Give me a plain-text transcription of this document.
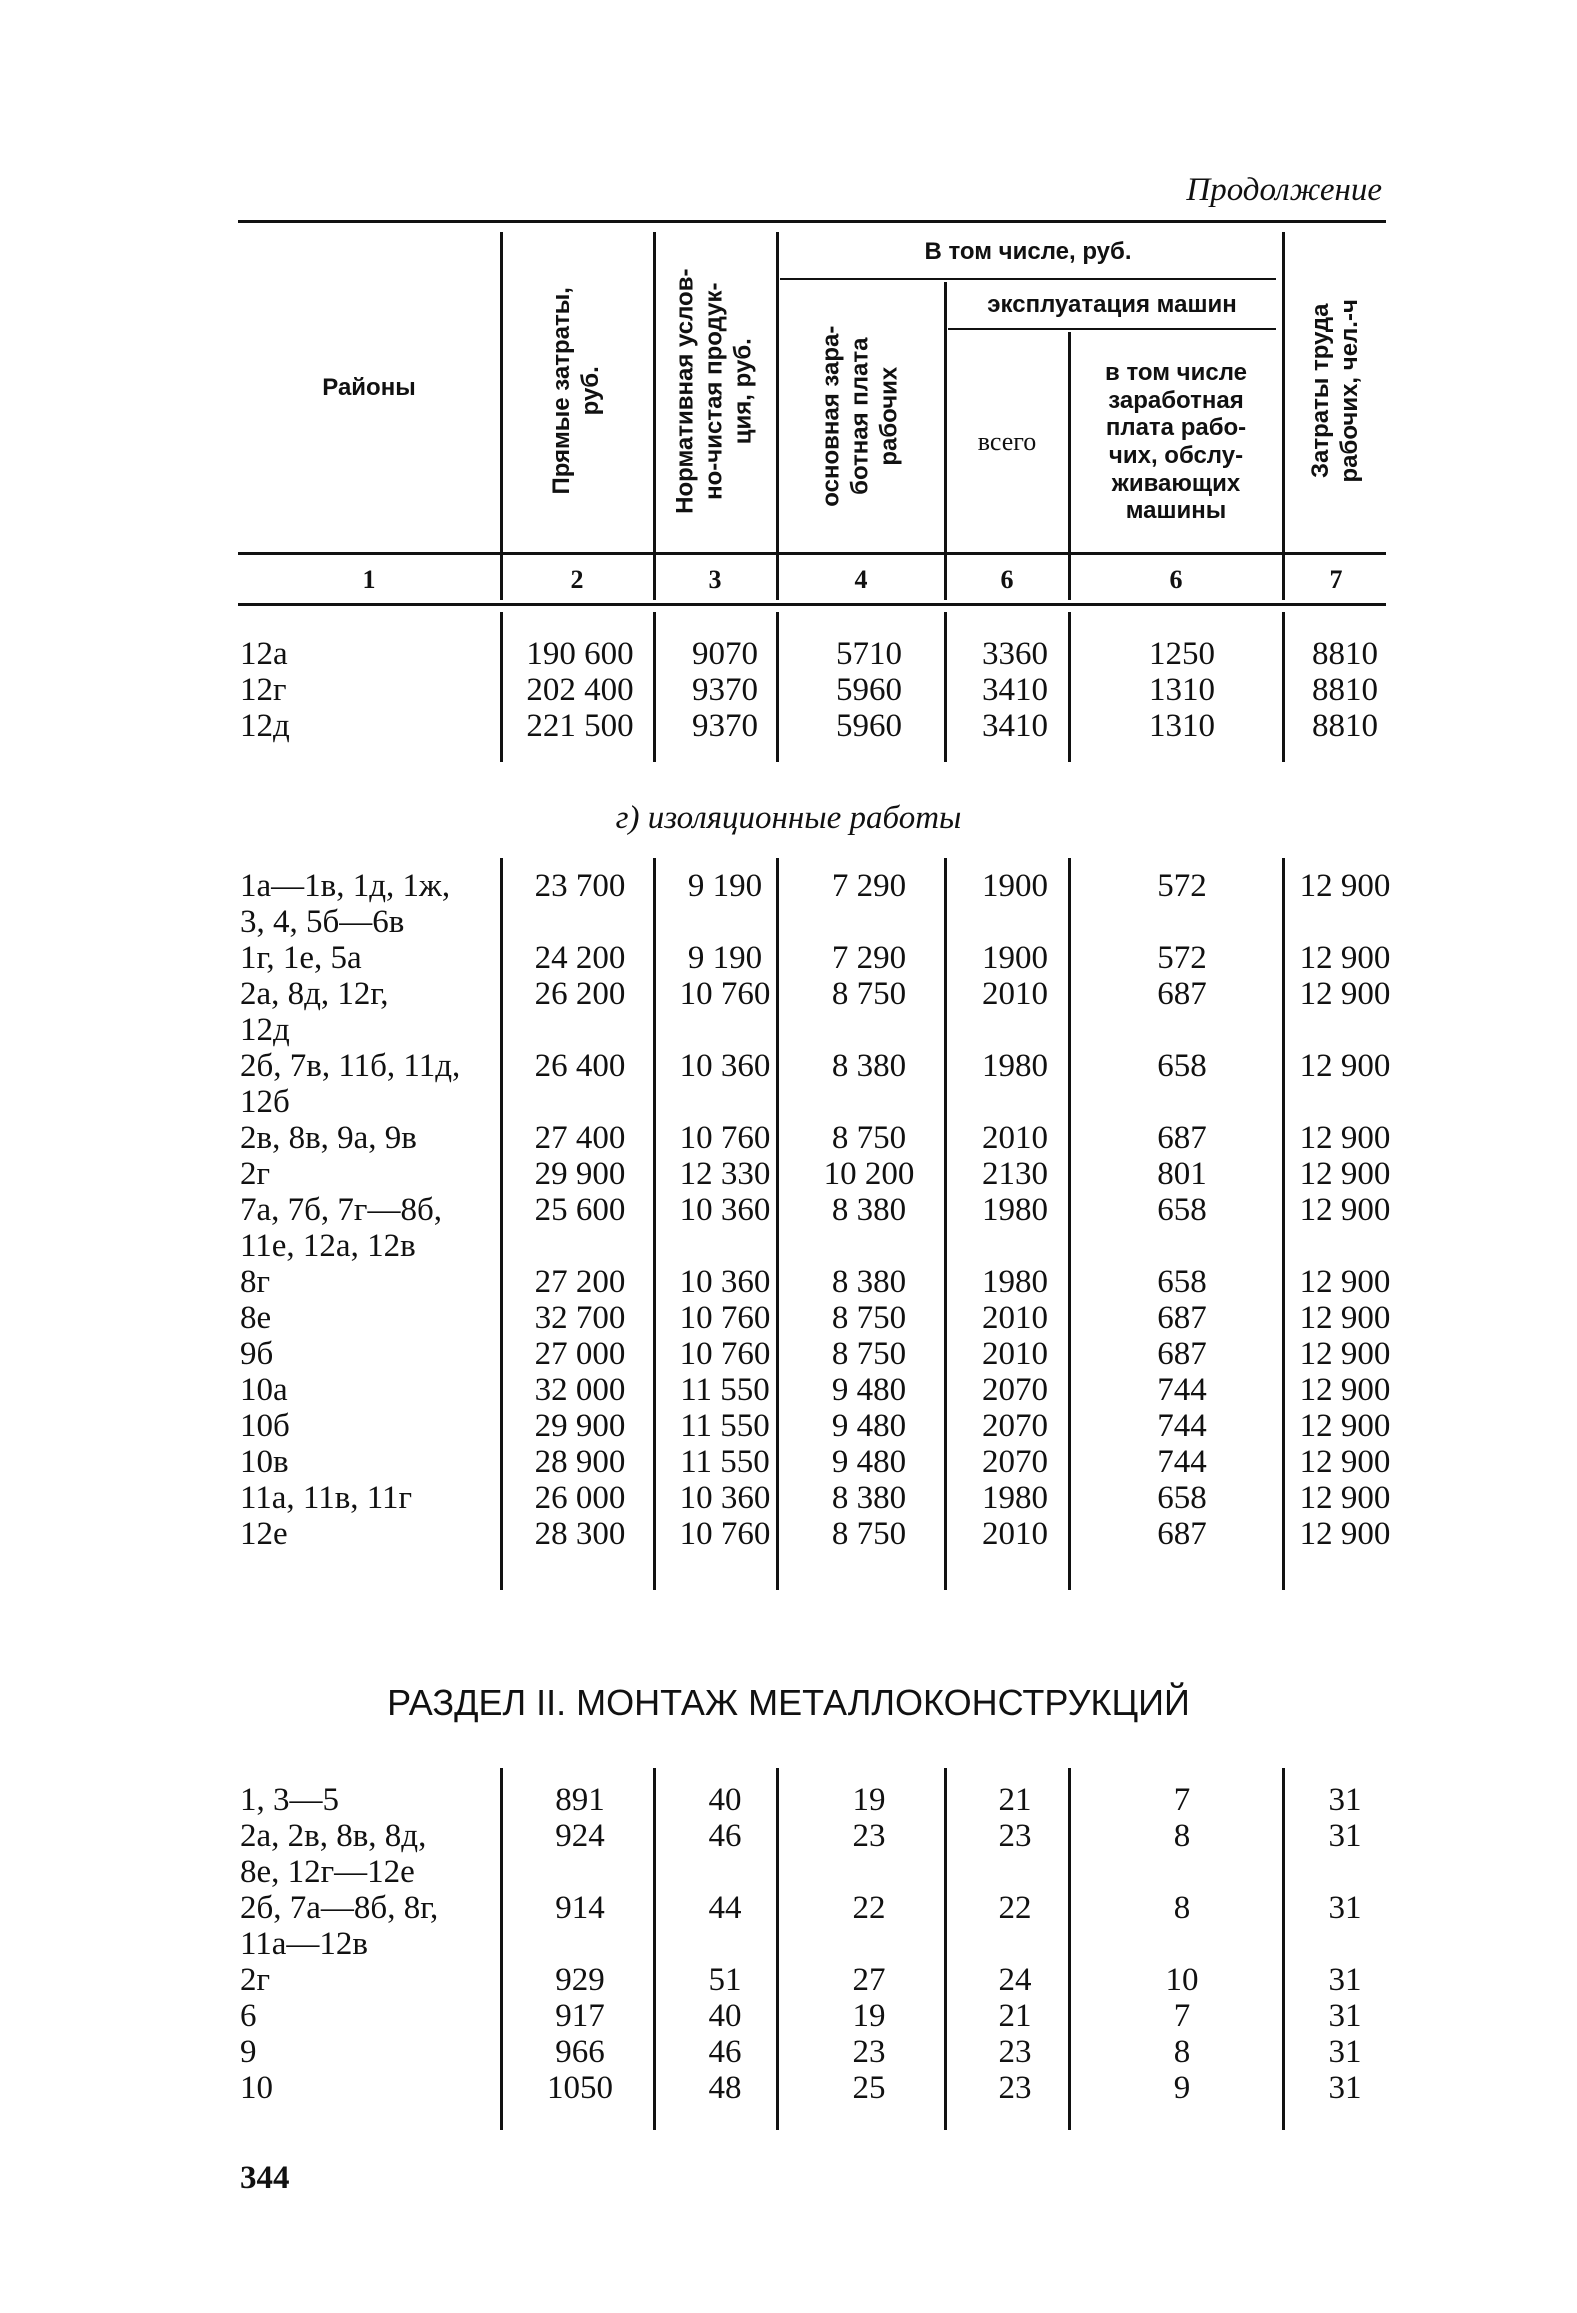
Продолжение
Районы
Прямые затраты,
руб.	Нормативная услов-
но-чистая продук-
ция, руб.
В том числе, руб.
основная зара-
ботная плата
рабочих
эксплуатация машин
всего
в том числе
заработная
плата рабо-
чих, обслу-
живающих
машины
Затраты труда
рабочих, чел.-ч
1	2	3	4	6	6	7
12а	190 600	9070	5710	3360	1250	8810
12г	202 400	9370	5960	3410	1310	8810
12д	221 500	9370	5960	3410	1310	8810
г) изоляционные работы
1а—1в, 1д, 1ж,
3, 4, 5б—6в
23 700	9 190	7 290	1900	572	12 900
1г, 1е, 5а	24 200	9 190	7 290	1900	572	12 900
2а, 8д, 12г,
12д
26 200	10 760	8 750	2010	687	12 900
2б, 7в, 11б, 11д,
12б
26 400	10 360	8 380	1980	658	12 900
2в, 8в, 9а, 9в	27 400	10 760	8 750	2010	687	12 900
2г	29 900	12 330	10 200	2130	801	12 900
7а, 7б, 7г—8б,
11е, 12а, 12в
25 600	10 360	8 380	1980	658	12 900
8г	27 200	10 360	8 380	1980	658	12 900
8е	32 700	10 760	8 750	2010	687	12 900
9б	27 000	10 760	8 750	2010	687	12 900
10а	32 000	11 550	9 480	2070	744	12 900
10б	29 900	11 550	9 480	2070	744	12 900
10в	28 900	11 550	9 480	2070	744	12 900
11а, 11в, 11г	26 000	10 360	8 380	1980	658	12 900
12е	28 300	10 760	8 750	2010	687	12 900
РАЗДЕЛ II. МОНТАЖ МЕТАЛЛОКОНСТРУКЦИЙ
1, 3—5	891	40	19	21	7	31
2а, 2в, 8в, 8д,
8е, 12г—12е
924	46	23	23	8	31
2б, 7а—8б, 8г,
11а—12в
914	44	22	22	8	31
2г	929	51	27	24	10	31
6	917	40	19	21	7	31
9	966	46	23	23	8	31
10	1050	48	25	23	9	31
344
